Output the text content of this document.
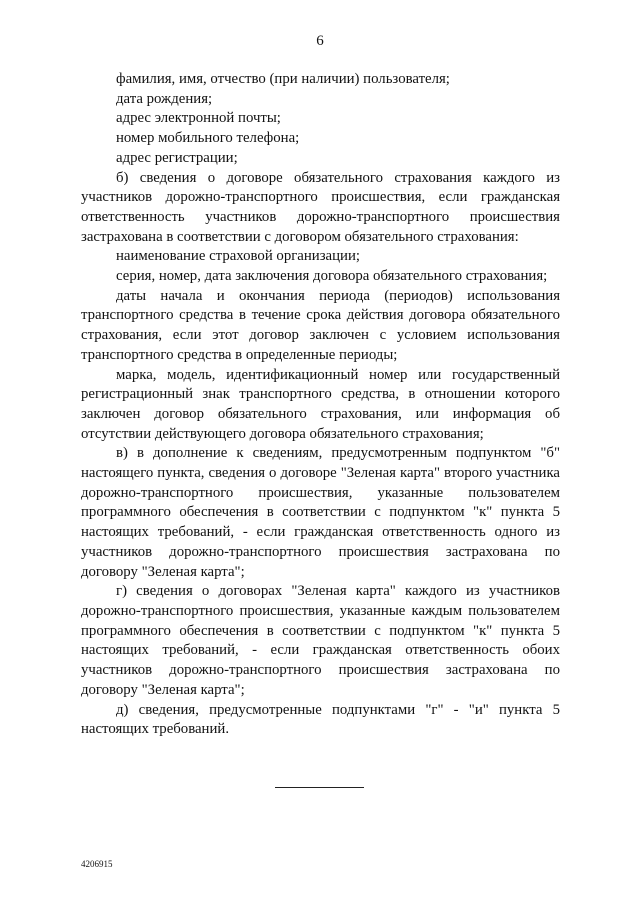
6

фамилия, имя, отчество (при наличии) пользователя;

дата рождения;

адрес электронной почты;

номер мобильного телефона;

адрес регистрации;

б) сведения о договоре обязательного страхования каждого из участников дорожно-транспортного происшествия, если гражданская ответственность участников дорожно-транспортного происшествия застрахована в соответствии с договором обязательного страхования:

наименование страховой организации;

серия, номер, дата заключения договора обязательного страхования;

даты начала и окончания периода (периодов) использования транспортного средства в течение срока действия договора обязательного страхования, если этот договор заключен с условием использования транспортного средства в определенные периоды;

марка, модель, идентификационный номер или государственный регистрационный знак транспортного средства, в отношении которого заключен договор обязательного страхования, или информация об отсутствии действующего договора обязательного страхования;

в) в дополнение к сведениям, предусмотренным подпунктом "б" настоящего пункта, сведения о договоре "Зеленая карта" второго участника дорожно-транспортного происшествия, указанные пользователем программного обеспечения в соответствии с подпунктом "к" пункта 5 настоящих требований, - если гражданская ответственность одного из участников дорожно-транспортного происшествия застрахована по договору "Зеленая карта";

г) сведения о договорах "Зеленая карта" каждого из участников дорожно-транспортного происшествия, указанные каждым пользователем программного обеспечения в соответствии с подпунктом "к" пункта 5 настоящих требований, - если гражданская ответственность обоих участников дорожно-транспортного происшествия застрахована по договору "Зеленая карта";

д) сведения, предусмотренные подпунктами "г" - "и" пункта 5 настоящих требований.

4206915
